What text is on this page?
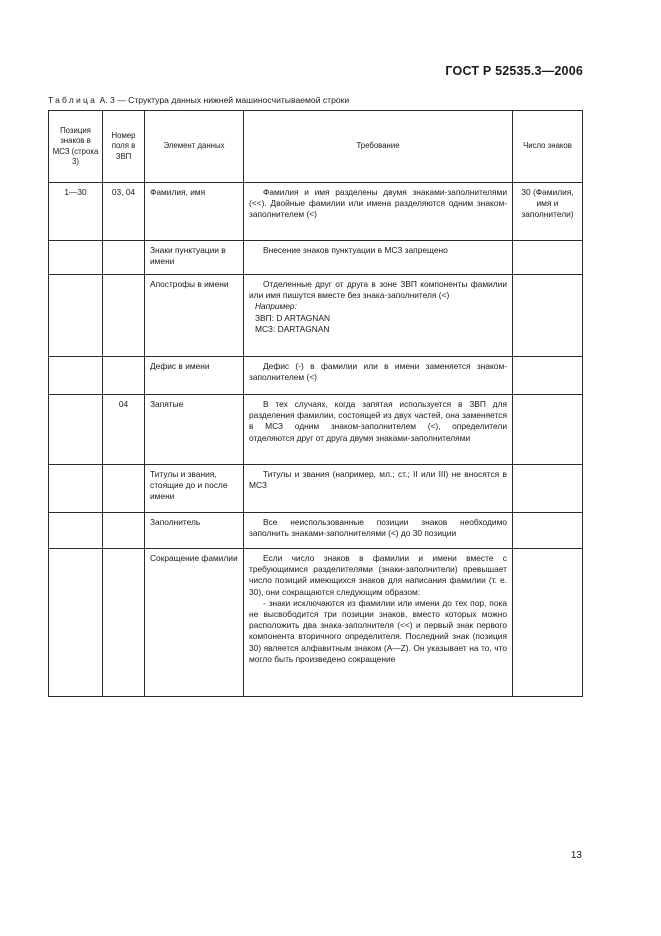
ГОСТ Р 52535.3—2006
Таблица А. 3 — Структура данных нижней машиносчитываемой строки
Позиция знаков в МСЗ (строка 3)	Номер поля в ЗВП	Элемент данных	Требование	Число знаков
1—30	03, 04	Фамилия, имя	Фамилия и имя разделены двумя знаками-заполнителями (<<). Двойные фамилии или имена разделяются одним знаком-заполнителем (<)	30 (Фамилия, имя и заполнители)
		Знаки пунктуации в имени	Внесение знаков пунктуации в МСЗ запрещено	

		Апострофы в имени	Отделенные друг от друга в зоне ЗВП компоненты фамилии или имя пишутся вместе без знака-заполнителя (<)
Например:
ЗВП: D ARTAGNAN
МСЗ: DARTAGNAN	

		Дефис в имени	Дефис (-) в фамилии или в имени заменяется знаком-заполнителем (<)	

	04	Запятые	В тех случаях, когда запятая используется в ЗВП для разделения фамилии, состоящей из двух частей, она заменяется в МСЗ одним знаком-заполнителем (<), определители отделяются друг от друга двумя знаками-заполнителями	

		Титулы и звания, стоящие до и после имени	Титулы и звания (например, мл.; ст.; II или III) не вносятся в МСЗ	

		Заполнитель	Все неиспользованные позиции знаков необходимо заполнить знаками-заполнителями (<) до 30 позиции	

		Сокращение фамилии	Если число знаков в фамилии и имени вместе с требующимися разделителями (знаки-заполнители) превышает число позиций имеющихся знаков для написания фамилии (т. е. 30), они сокращаются следующим образом:
- знаки исключаются из фамилии или имени до тех пор, пока не высвободится три позиции знаков, вместо которых можно расположить два знака-заполнителя (<<) и первый знак первого компонента вторичного определителя. Последний знак (позиция 30) является алфавитным знаком (А—Z). Он указывает на то, что могло быть произведено сокращение	

13
